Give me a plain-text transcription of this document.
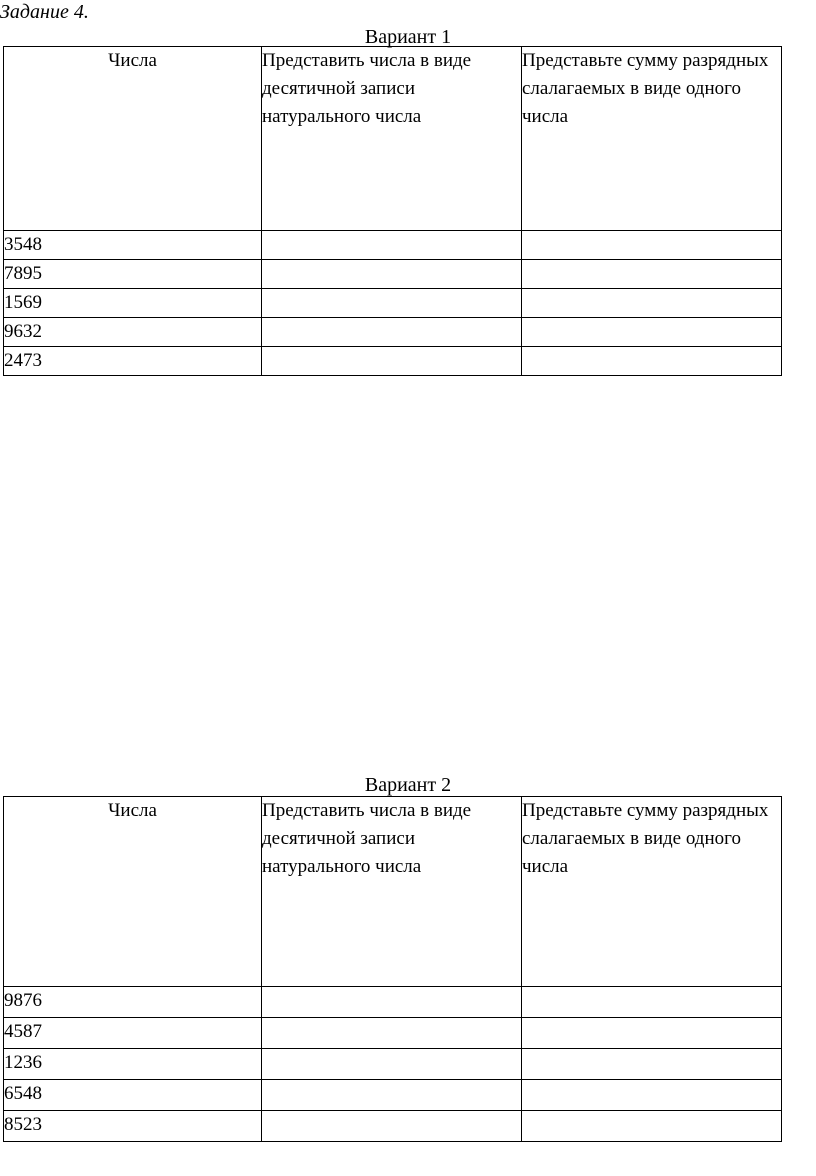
Задание 4.
Вариант 1
Числа	Представить числа в виде десятичной записи натурального числа	Представьте сумму разрядных слалагаемых в виде одного числа
3548		
7895		
1569		
9632		
2473		
Вариант 2
Числа	Представить числа в виде десятичной записи натурального числа	Представьте сумму разрядных слалагаемых в виде одного числа
9876		
4587		
1236		
6548		
8523		
